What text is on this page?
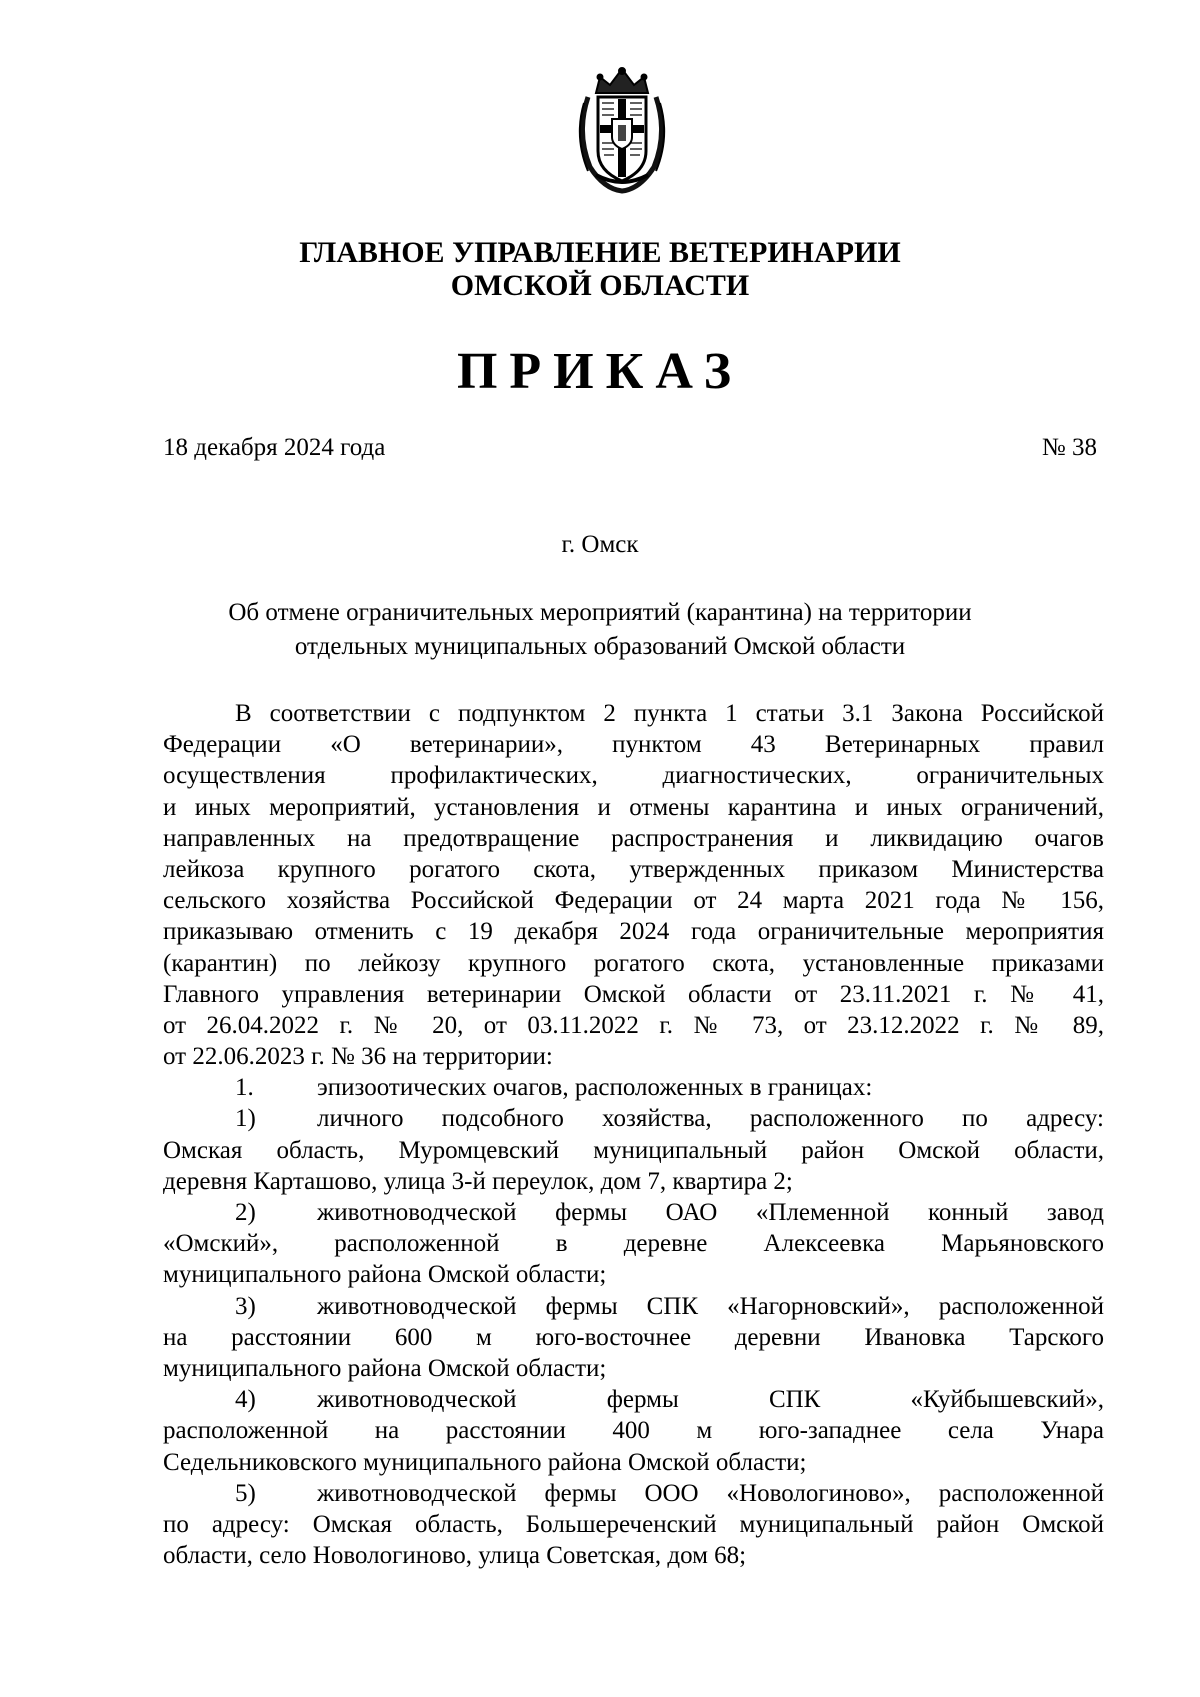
ГЛАВНОЕ УПРАВЛЕНИЕ ВЕТЕРИНАРИИ
ОМСКОЙ ОБЛАСТИ
ПРИКАЗ
18 декабря 2024 года	№ 38
г. Омск
Об отмене ограничительных мероприятий (карантина) на территории
отдельных муниципальных образований Омской области
В соответствии с подпунктом 2 пункта 1 статьи 3.1 Закона Российской
Федерации «О ветеринарии», пунктом 43 Ветеринарных правил
осуществления профилактических, диагностических, ограничительных
и иных мероприятий, установления и отмены карантина и иных ограничений,
направленных на предотвращение распространения и ликвидацию очагов
лейкоза крупного рогатого скота, утвержденных приказом Министерства
сельского хозяйства Российской Федерации от 24 марта 2021 года № 156,
приказываю отменить с 19 декабря 2024 года ограничительные мероприятия
(карантин) по лейкозу крупного рогатого скота, установленные приказами
Главного управления ветеринарии Омской области от 23.11.2021 г. № 41,
от 26.04.2022 г. № 20, от 03.11.2022 г. № 73, от 23.12.2022 г. № 89,
от 22.06.2023 г. № 36 на территории:
1.	эпизоотических очагов, расположенных в границах:
1) личного подсобного хозяйства, расположенного по адресу:
Омская область, Муромцевский муниципальный район Омской области,
деревня Карташово, улица 3-й переулок, дом 7, квартира 2;
2) животноводческой фермы ОАО «Племенной конный завод
«Омский», расположенной в деревне Алексеевка Марьяновского
муниципального района Омской области;
3) животноводческой фермы СПК «Нагорновский», расположенной
на расстоянии 600 м юго-восточнее деревни Ивановка Тарского
муниципального района Омской области;
4) животноводческой фермы СПК «Куйбышевский»,
расположенной на расстоянии 400 м юго-западнее села Унара
Седельниковского муниципального района Омской области;
5) животноводческой фермы ООО «Новологиново», расположенной
по адресу: Омская область, Большереченский муниципальный район Омской
области, село Новологиново, улица Советская, дом 68;
